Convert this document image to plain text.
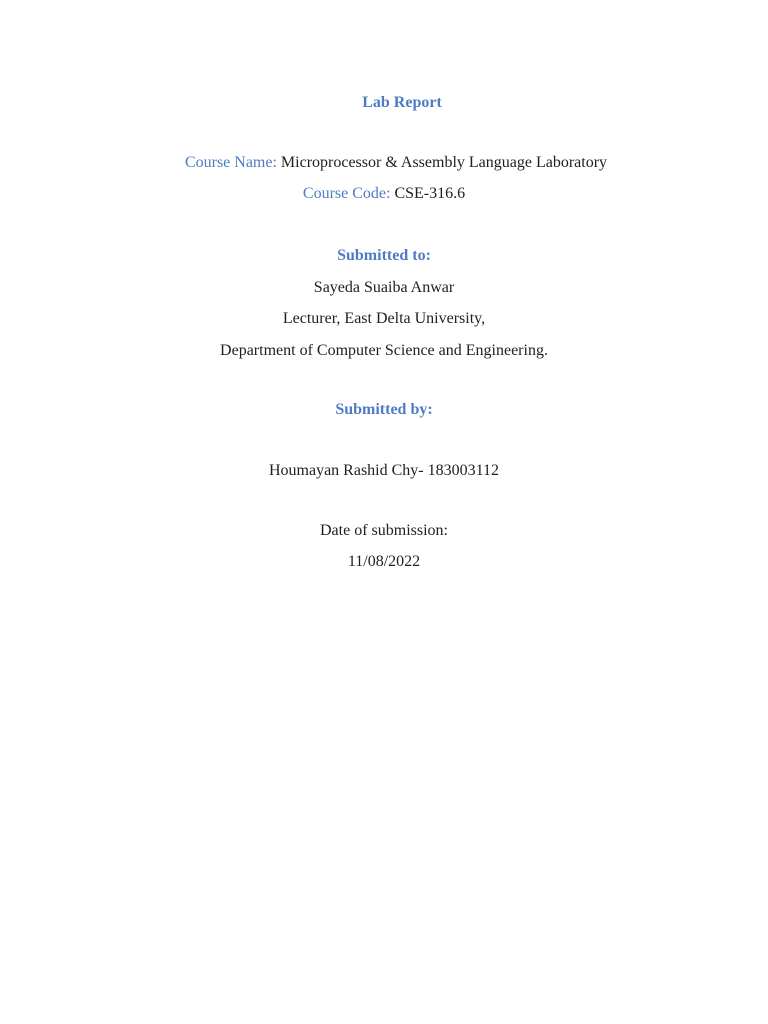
Lab Report
Course Name: Microprocessor & Assembly Language Laboratory
Course Code: CSE-316.6
Submitted to:
Sayeda Suaiba Anwar
Lecturer, East Delta University,
Department of Computer Science and Engineering.
Submitted by:
Houmayan Rashid Chy- 183003112
Date of submission:
11/08/2022
